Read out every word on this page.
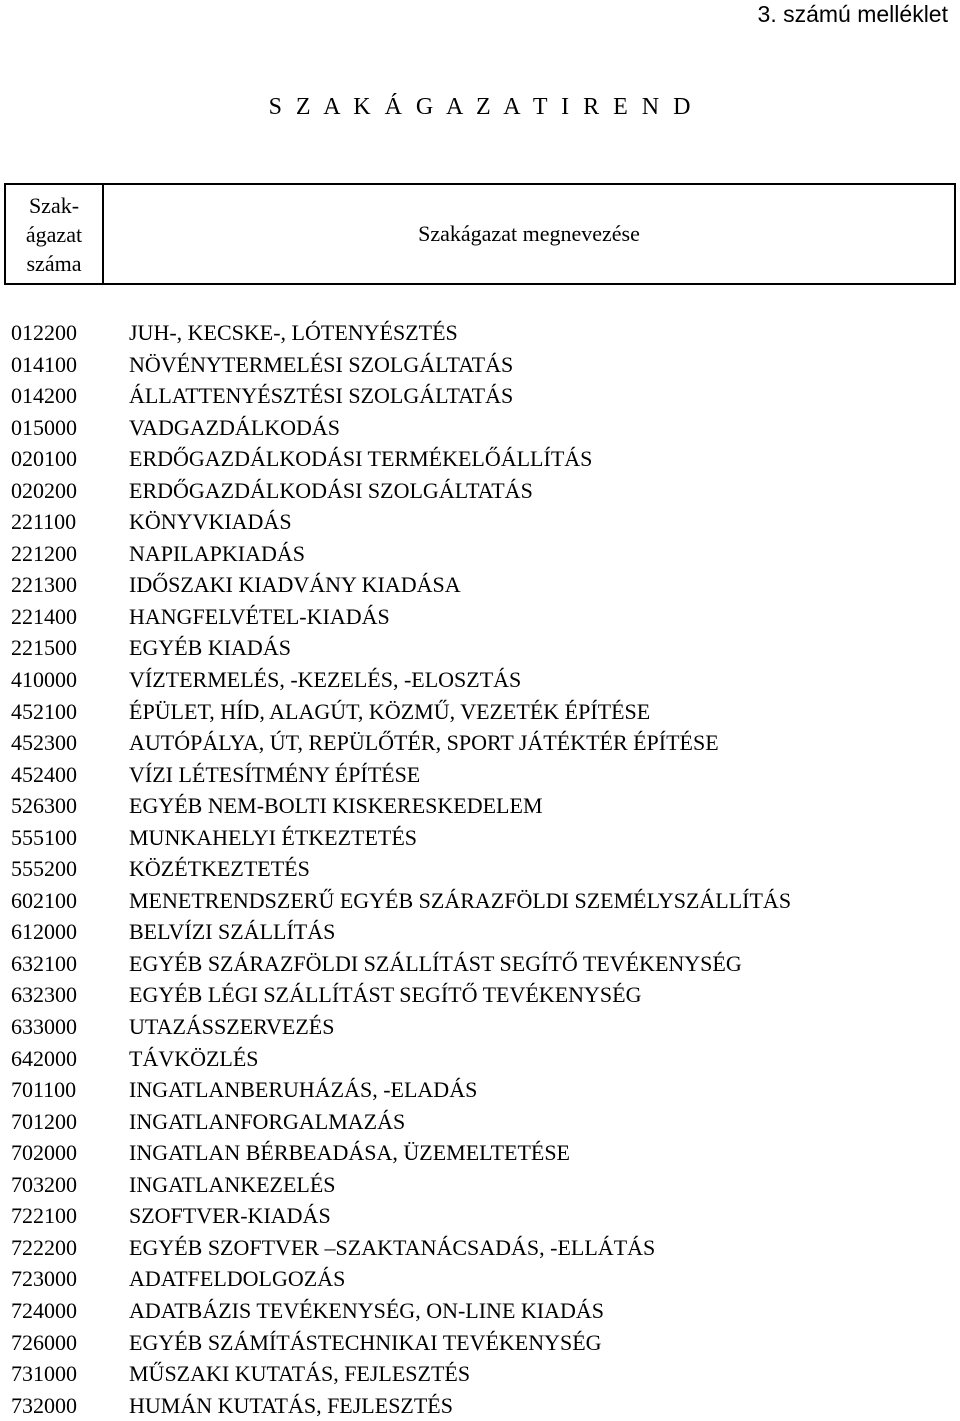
3. számú melléklet
S Z A K Á G A Z A T I R E N D
Szak-
ágazat
száma
Szakágazat megnevezése
012200	JUH-, KECSKE-, LÓTENYÉSZTÉS
014100	NÖVÉNYTERMELÉSI SZOLGÁLTATÁS
014200	ÁLLATTENYÉSZTÉSI SZOLGÁLTATÁS
015000	VADGAZDÁLKODÁS
020100	ERDŐGAZDÁLKODÁSI TERMÉKELŐÁLLÍTÁS
020200	ERDŐGAZDÁLKODÁSI SZOLGÁLTATÁS
221100	KÖNYVKIADÁS
221200	NAPILAPKIADÁS
221300	IDŐSZAKI KIADVÁNY KIADÁSA
221400	HANGFELVÉTEL-KIADÁS
221500	EGYÉB KIADÁS
410000	VÍZTERMELÉS, -KEZELÉS, -ELOSZTÁS
452100	ÉPÜLET, HÍD, ALAGÚT, KÖZMŰ, VEZETÉK ÉPÍTÉSE
452300	AUTÓPÁLYA, ÚT, REPÜLŐTÉR, SPORT JÁTÉKTÉR ÉPÍTÉSE
452400	VÍZI LÉTESÍTMÉNY ÉPÍTÉSE
526300	EGYÉB NEM-BOLTI KISKERESKEDELEM
555100	MUNKAHELYI ÉTKEZTETÉS
555200	KÖZÉTKEZTETÉS
602100	MENETRENDSZERŰ EGYÉB SZÁRAZFÖLDI SZEMÉLYSZÁLLÍTÁS
612000	BELVÍZI SZÁLLÍTÁS
632100	EGYÉB SZÁRAZFÖLDI SZÁLLÍTÁST SEGÍTŐ TEVÉKENYSÉG
632300	EGYÉB LÉGI SZÁLLÍTÁST SEGÍTŐ TEVÉKENYSÉG
633000	UTAZÁSSZERVEZÉS
642000	TÁVKÖZLÉS
701100	INGATLANBERUHÁZÁS, -ELADÁS
701200	INGATLANFORGALMAZÁS
702000	INGATLAN BÉRBEADÁSA, ÜZEMELTETÉSE
703200	INGATLANKEZELÉS
722100	SZOFTVER-KIADÁS
722200	EGYÉB SZOFTVER –SZAKTANÁCSADÁS, -ELLÁTÁS
723000	ADATFELDOLGOZÁS
724000	ADATBÁZIS TEVÉKENYSÉG, ON-LINE KIADÁS
726000	EGYÉB SZÁMÍTÁSTECHNIKAI TEVÉKENYSÉG
731000	MŰSZAKI KUTATÁS, FEJLESZTÉS
732000	HUMÁN KUTATÁS, FEJLESZTÉS
